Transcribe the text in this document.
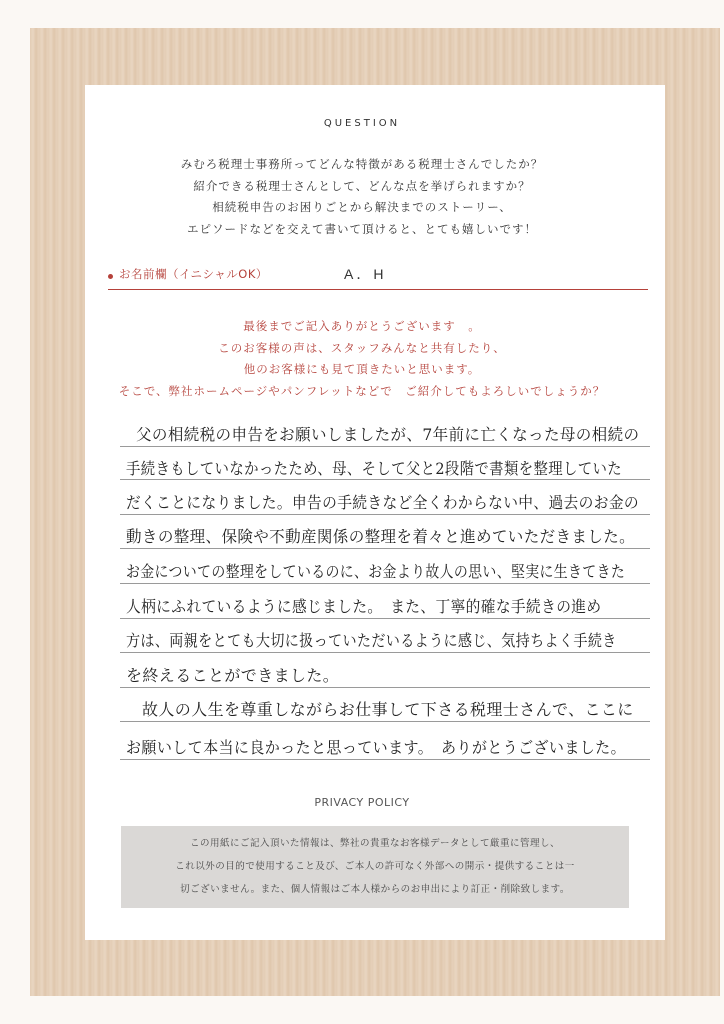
QUESTION
みむろ税理士事務所ってどんな特徴がある税理士さんでしたか？
紹介できる税理士さんとして、どんな点を挙げられますか？
相続税申告のお困りごとから解決までのストーリー、
エピソードなどを交えて書いて頂けると、とても嬉しいです！
お名前欄（イニシャルOK）	A．H
最後までご記入ありがとうございます　。
このお客様の声は、スタッフみんなと共有したり、
他のお客様にも見て頂きたいと思います。
そこで、弊社ホームページやパンフレットなどで　ご紹介してもよろしいでしょうか？
父の相続税の申告をお願いしましたが、7年前に亡くなった母の相続の
手続きもしていなかったため、母、そして父と2段階で書類を整理していた
だくことになりました。申告の手続きなど全くわからない中、過去のお金の
動きの整理、保険や不動産関係の整理を着々と進めていただきました。
お金についての整理をしているのに、お金より故人の思い、堅実に生きてきた
人柄にふれているように感じました。　また、丁寧的確な手続きの進め
方は、両親をとても大切に扱っていただいるように感じ、気持ちよく手続き
を終えることができました。
故人の人生を尊重しながらお仕事して下さる税理士さんで、ここに
お願いして本当に良かったと思っています。　ありがとうございました。
PRIVACY POLICY
この用紙にご記入頂いた情報は、弊社の貴重なお客様データとして厳重に管理し、
これ以外の目的で使用すること及び、ご本人の許可なく外部への開示・提供することは一
切ございません。また、個人情報はご本人様からのお申出により訂正・削除致します。
